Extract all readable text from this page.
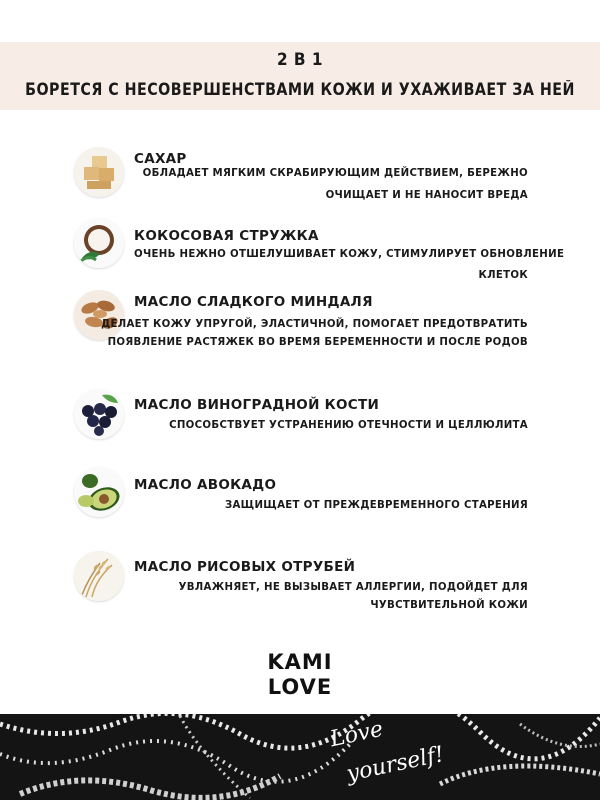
2 В 1
БОРЕТСЯ С НЕСОВЕРШЕНСТВАМИ КОЖИ И УХАЖИВАЕТ ЗА НЕЙ
САХАР
ОБЛАДАЕТ МЯГКИМ СКРАБИРУЮЩИМ ДЕЙСТВИЕМ, БЕРЕЖНО
ОЧИЩАЕТ И НЕ НАНОСИТ ВРЕДА
КОКОСОВАЯ СТРУЖКА
ОЧЕНЬ НЕЖНО ОТШЕЛУШИВАЕТ КОЖУ, СТИМУЛИРУЕТ ОБНОВЛЕНИЕ
КЛЕТОК
МАСЛО СЛАДКОГО МИНДАЛЯ
ДЕЛАЕТ КОЖУ УПРУГОЙ, ЭЛАСТИЧНОЙ, ПОМОГАЕТ ПРЕДОТВРАТИТЬ
ПОЯВЛЕНИЕ РАСТЯЖЕК ВО ВРЕМЯ БЕРЕМЕННОСТИ И ПОСЛЕ РОДОВ
МАСЛО ВИНОГРАДНОЙ КОСТИ
СПОСОБСТВУЕТ УСТРАНЕНИЮ ОТЕЧНОСТИ И ЦЕЛЛЮЛИТА
МАСЛО АВОКАДО
ЗАЩИЩАЕТ ОТ ПРЕЖДЕВРЕМЕННОГО СТАРЕНИЯ
МАСЛО РИСОВЫХ ОТРУБЕЙ
УВЛАЖНЯЕТ, НЕ ВЫЗЫВАЕТ АЛЛЕРГИИ, ПОДОЙДЕТ ДЛЯ
ЧУВСТВИТЕЛЬНОЙ КОЖИ
KAMI
LOVE
Love
yourself!
